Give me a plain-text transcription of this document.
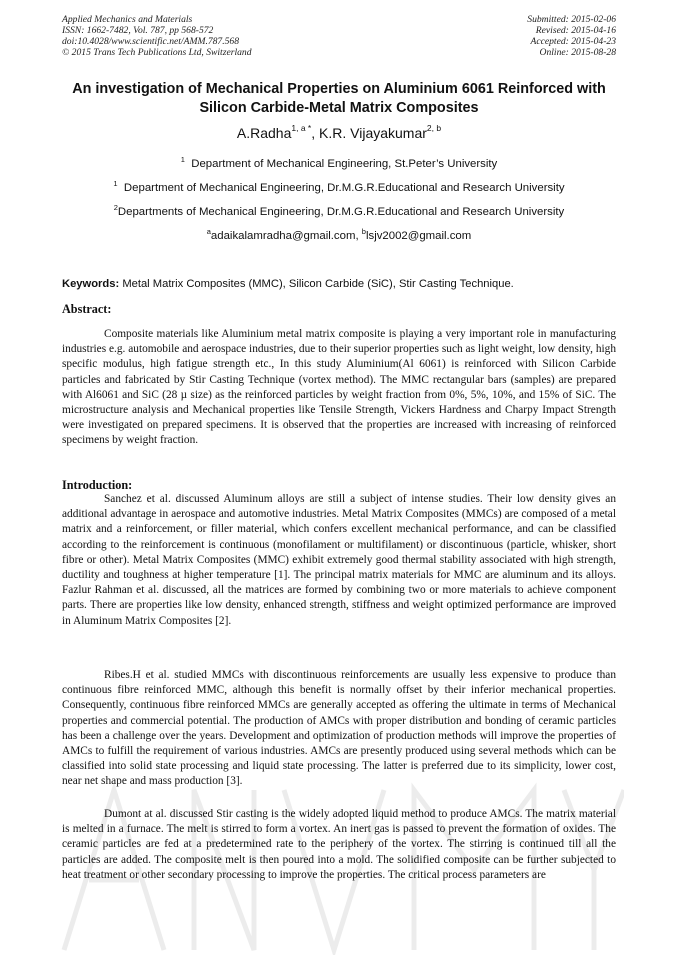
Applied Mechanics and Materials
ISSN: 1662-7482, Vol. 787, pp 568-572
doi:10.4028/www.scientific.net/AMM.787.568
© 2015 Trans Tech Publications Ltd, Switzerland
Submitted: 2015-02-06
Revised: 2015-04-16
Accepted: 2015-04-23
Online: 2015-08-28
An investigation of Mechanical Properties on Aluminium 6061 Reinforced with Silicon Carbide-Metal Matrix Composites
A.Radha$^{1, a *}$, K.R. Vijayakumar$^{2, b}$
$^1$ Department of Mechanical Engineering, St.Peter’s University
$^1$ Department of Mechanical Engineering, Dr.M.G.R.Educational and Research University
$^2$Departments of Mechanical Engineering, Dr.M.G.R.Educational and Research University
$^a$adaikalamradha@gmail.com, $^b$lsjv2002@gmail.com
Keywords: Metal Matrix Composites (MMC), Silicon Carbide (SiC), Stir Casting Technique.
Abstract:

Composite materials like Aluminium metal matrix composite is playing a very important role in manufacturing industries e.g. automobile and aerospace industries, due to their superior properties such as light weight, low density, high specific modulus, high fatigue strength etc., In this study Aluminium(Al 6061) is reinforced with Silicon Carbide particles and fabricated by Stir Casting Technique (vortex method). The MMC rectangular bars (samples) are prepared with Al6061 and SiC (28 µ size) as the reinforced particles by weight fraction from 0%, 5%, 10%, and 15% of SiC. The microstructure analysis and Mechanical properties like Tensile Strength, Vickers Hardness and Charpy Impact Strength were investigated on prepared specimens. It is observed that the properties are increased with increasing of reinforced specimens by weight fraction.

Introduction:

Sanchez et al. discussed Aluminum alloys are still a subject of intense studies. Their low density gives an additional advantage in aerospace and automotive industries. Metal Matrix Composites (MMCs) are composed of a metal matrix and a reinforcement, or filler material, which confers excellent mechanical performance, and can be classified according to the reinforcement is continuous (monofilament or multifilament) or discontinuous (particle, whisker, short fibre or other). Metal Matrix Composites (MMC) exhibit extremely good thermal stability associated with high strength, ductility and toughness at higher temperature [1]. The principal matrix materials for MMC are aluminum and its alloys. Fazlur Rahman et al. discussed, all the matrices are formed by combining two or more materials to achieve component parts. There are properties like low density, enhanced strength, stiffness and weight optimized performance are improved in Aluminum Matrix Composites [2].

Ribes.H et al. studied MMCs with discontinuous reinforcements are usually less expensive to produce than continuous fibre reinforced MMC, although this benefit is normally offset by their inferior mechanical properties. Consequently, continuous fibre reinforced MMCs are generally accepted as offering the ultimate in terms of Mechanical properties and commercial potential. The production of AMCs with proper distribution and bonding of ceramic particles has been a challenge over the years. Development and optimization of production methods will improve the properties of AMCs to fulfill the requirement of various industries. AMCs are presently produced using several methods which can be classified into solid state processing and liquid state processing. The latter is preferred due to its simplicity, lower cost, near net shape and mass production [3].

Dumont at al. discussed Stir casting is the widely adopted liquid method to produce AMCs. The matrix material is melted in a furnace. The melt is stirred to form a vortex. An inert gas is passed to prevent the formation of oxides. The ceramic particles are fed at a predetermined rate to the periphery of the vortex. The stirring is continued till all the particles are added. The composite melt is then poured into a mold. The solidified composite can be further subjected to heat treatment or other secondary processing to improve the properties. The critical process parameters are
